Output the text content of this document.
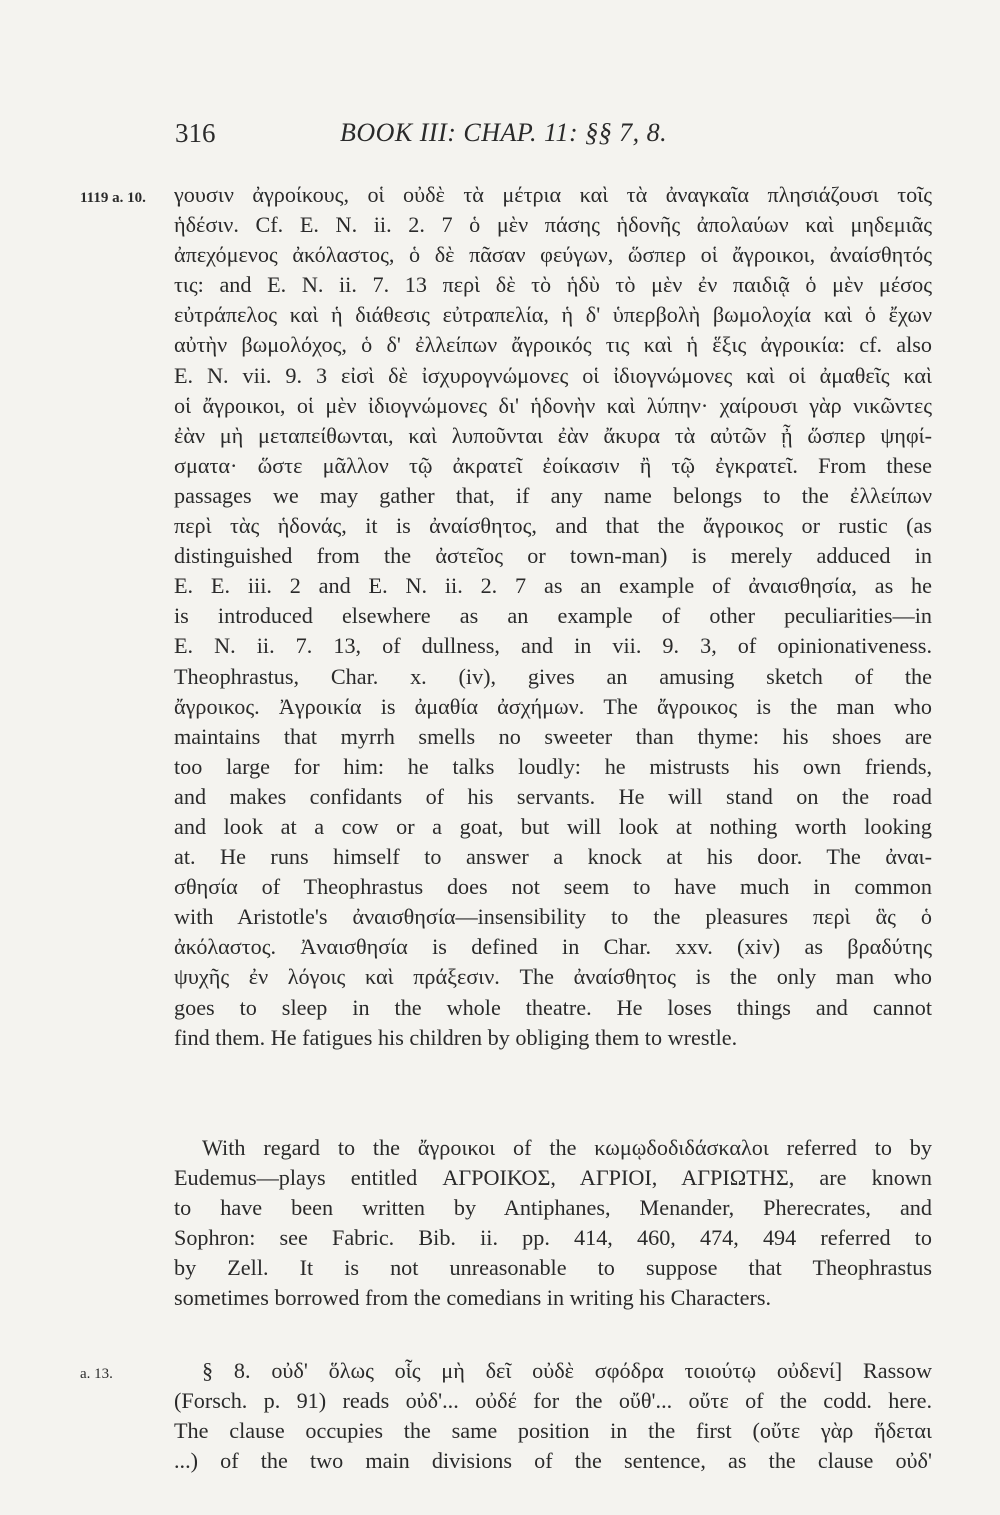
316	BOOK III: CHAP. 11: §§ 7, 8.
1119 a. 10.	γουσιν ἀγροίκους, οἱ οὐδὲ τὰ μέτρια καὶ τὰ ἀναγκαῖα πλησιάζουσι τοῖς
ἡδέσιν. Cf. E. N. ii. 2. 7 ὁ μὲν πάσης ἡδονῆς ἀπολαύων καὶ μηδεμιᾶς
ἀπεχόμενος ἀκόλαστος, ὁ δὲ πᾶσαν φεύγων, ὥσπερ οἱ ἄγροικοι, ἀναίσθητός
τις: and E. N. ii. 7. 13 περὶ δὲ τὸ ἡδὺ τὸ μὲν ἐν παιδιᾷ ὁ μὲν μέσος
εὐτράπελος καὶ ἡ διάθεσις εὐτραπελία, ἡ δ' ὑπερβολὴ βωμολοχία καὶ ὁ ἔχων
αὐτὴν βωμολόχος, ὁ δ' ἐλλείπων ἄγροικός τις καὶ ἡ ἕξις ἀγροικία: cf. also
E. N. vii. 9. 3 εἰσὶ δὲ ἰσχυρογνώμονες οἱ ἰδιογνώμονες καὶ οἱ ἀμαθεῖς καὶ
οἱ ἄγροικοι, οἱ μὲν ἰδιογνώμονες δι' ἡδονὴν καὶ λύπην· χαίρουσι γὰρ νικῶντες
ἐὰν μὴ μεταπείθωνται, καὶ λυποῦνται ἐὰν ἄκυρα τὰ αὐτῶν ᾖ ὥσπερ ψηφί-
σματα· ὥστε μᾶλλον τῷ ἀκρατεῖ ἐοίκασιν ἢ τῷ ἐγκρατεῖ. From these
passages we may gather that, if any name belongs to the ἐλλείπων
περὶ τὰς ἡδονάς, it is ἀναίσθητος, and that the ἄγροικος or rustic (as
distinguished from the ἀστεῖος or town-man) is merely adduced in
E. E. iii. 2 and E. N. ii. 2. 7 as an example of ἀναισθησία, as he
is introduced elsewhere as an example of other peculiarities—in
E. N. ii. 7. 13, of dullness, and in vii. 9. 3, of opinionativeness.
Theophrastus, Char. x. (iv), gives an amusing sketch of the
ἄγροικος. Ἀγροικία is ἀμαθία ἀσχήμων. The ἄγροικος is the man who
maintains that myrrh smells no sweeter than thyme: his shoes are
too large for him: he talks loudly: he mistrusts his own friends,
and makes confidants of his servants. He will stand on the road
and look at a cow or a goat, but will look at nothing worth looking
at. He runs himself to answer a knock at his door. The ἀναι-
σθησία of Theophrastus does not seem to have much in common
with Aristotle's ἀναισθησία—insensibility to the pleasures περὶ ἃς ὁ
ἀκόλαστος. Ἀναισθησία is defined in Char. xxv. (xiv) as βραδύτης
ψυχῆς ἐν λόγοις καὶ πράξεσιν. The ἀναίσθητος is the only man who
goes to sleep in the whole theatre. He loses things and cannot
find them. He fatigues his children by obliging them to wrestle.
With regard to the ἄγροικοι of the κωμῳδοδιδάσκαλοι referred to by
Eudemus—plays entitled ΑΓΡΟΙΚΟΣ, ΑΓΡΙΟΙ, ΑΓΡΙΩΤΗΣ, are known
to have been written by Antiphanes, Menander, Pherecrates, and
Sophron: see Fabric. Bib. ii. pp. 414, 460, 474, 494 referred to
by Zell. It is not unreasonable to suppose that Theophrastus
sometimes borrowed from the comedians in writing his Characters.
a. 13.	§ 8. οὐδ' ὅλως οἷς μὴ δεῖ οὐδὲ σφόδρα τοιούτῳ οὐδενί] Rassow
(Forsch. p. 91) reads οὐδ'... οὐδέ for the οὔθ'... οὔτε of the codd. here.
The clause occupies the same position in the first (οὔτε γὰρ ἥδεται
...) of the two main divisions of the sentence, as the clause οὐδ'
